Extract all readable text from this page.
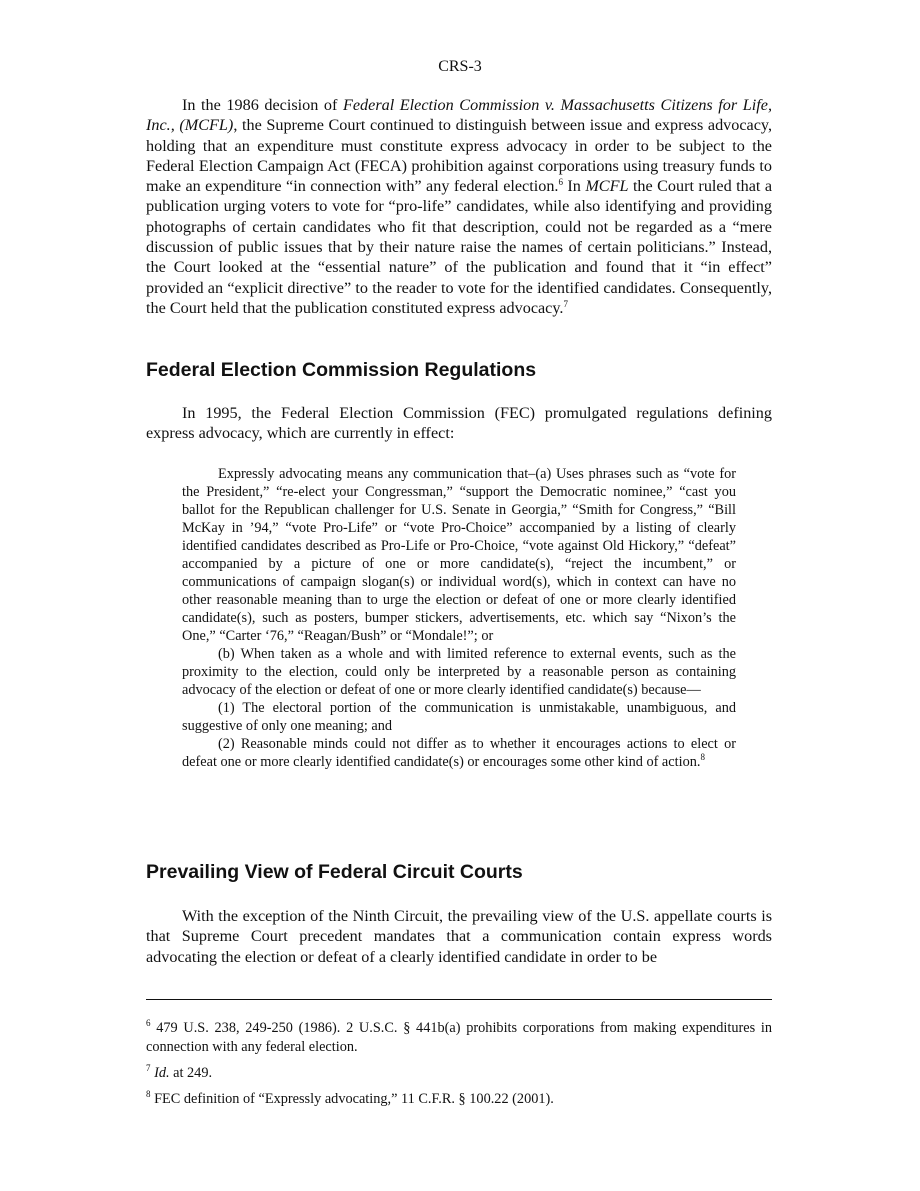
CRS-3

In the 1986 decision of Federal Election Commission v. Massachusetts Citizens for Life, Inc., (MCFL), the Supreme Court continued to distinguish between issue and express advocacy, holding that an expenditure must constitute express advocacy in order to be subject to the Federal Election Campaign Act (FECA) prohibition against corporations using treasury funds to make an expenditure “in connection with” any federal election.$^6$ In MCFL the Court ruled that a publication urging voters to vote for “pro-life” candidates, while also identifying and providing photographs of certain candidates who fit that description, could not be regarded as a “mere discussion of public issues that by their nature raise the names of certain politicians.” Instead, the Court looked at the “essential nature” of the publication and found that it “in effect” provided an “explicit directive” to the reader to vote for the identified candidates. Consequently, the Court held that the publication constituted express advocacy.$^7$

Federal Election Commission Regulations

In 1995, the Federal Election Commission (FEC) promulgated regulations defining express advocacy, which are currently in effect:

Expressly advocating means any communication that–(a) Uses phrases such as “vote for the President,” “re-elect your Congressman,” “support the Democratic nominee,” “cast you ballot for the Republican challenger for U.S. Senate in Georgia,” “Smith for Congress,” “Bill McKay in ’94,” “vote Pro-Life” or “vote Pro-Choice” accompanied by a listing of clearly identified candidates described as Pro-Life or Pro-Choice, “vote against Old Hickory,” “defeat” accompanied by a picture of one or more candidate(s), “reject the incumbent,” or communications of campaign slogan(s) or individual word(s), which in context can have no other reasonable meaning than to urge the election or defeat of one or more clearly identified candidate(s), such as posters, bumper stickers, advertisements, etc. which say “Nixon’s the One,” “Carter ‘76,” “Reagan/Bush” or “Mondale!”; or

(b) When taken as a whole and with limited reference to external events, such as the proximity to the election, could only be interpreted by a reasonable person as containing advocacy of the election or defeat of one or more clearly identified candidate(s) because—

(1) The electoral portion of the communication is unmistakable, unambiguous, and suggestive of only one meaning; and

(2) Reasonable minds could not differ as to whether it encourages actions to elect or defeat one or more clearly identified candidate(s) or encourages some other kind of action.$^8$

Prevailing View of Federal Circuit Courts

With the exception of the Ninth Circuit, the prevailing view of the U.S. appellate courts is that Supreme Court precedent mandates that a communication contain express words advocating the election or defeat of a clearly identified candidate in order to be

$^6$ 479 U.S. 238, 249-250 (1986). 2 U.S.C. § 441b(a) prohibits corporations from making expenditures in connection with any federal election.

$^7$ Id. at 249.

$^8$ FEC definition of “Expressly advocating,” 11 C.F.R. § 100.22 (2001).
